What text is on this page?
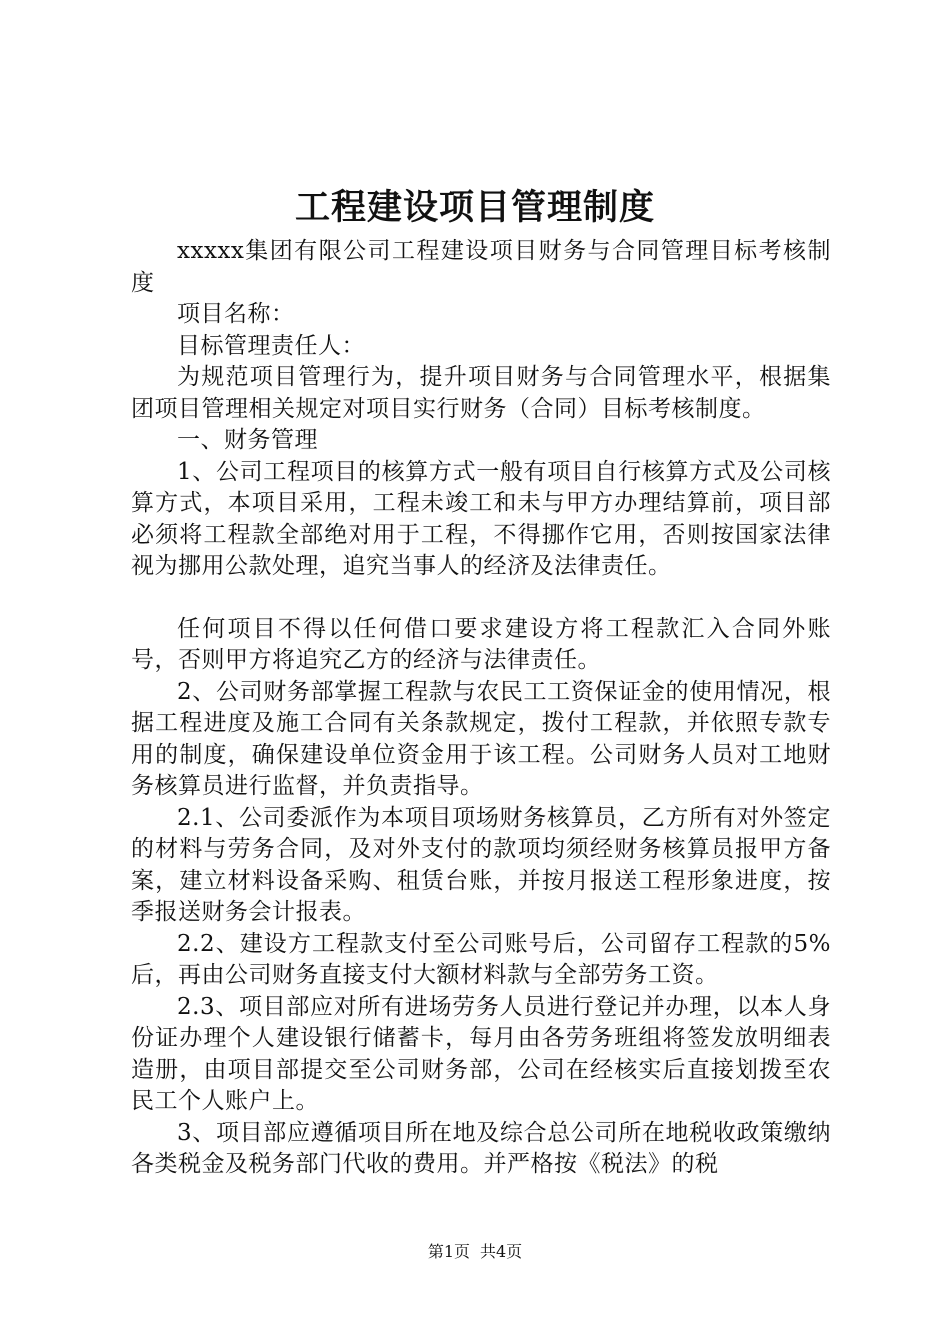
工程建设项目管理制度

xxxxx集团有限公司工程建设项目财务与合同管理目标考核制度

项目名称：

目标管理责任人：

为规范项目管理行为，提升项目财务与合同管理水平，根据集团项目管理相关规定对项目实行财务（合同）目标考核制度。

一、财务管理

1、公司工程项目的核算方式一般有项目自行核算方式及公司核算方式，本项目采用，工程未竣工和未与甲方办理结算前，项目部必须将工程款全部绝对用于工程，不得挪作它用，否则按国家法律视为挪用公款处理，追究当事人的经济及法律责任。

任何项目不得以任何借口要求建设方将工程款汇入合同外账号，否则甲方将追究乙方的经济与法律责任。

2、公司财务部掌握工程款与农民工工资保证金的使用情况，根据工程进度及施工合同有关条款规定，拨付工程款，并依照专款专用的制度，确保建设单位资金用于该工程。公司财务人员对工地财务核算员进行监督，并负责指导。

2.1、公司委派作为本项目项场财务核算员，乙方所有对外签定的材料与劳务合同，及对外支付的款项均须经财务核算员报甲方备案，建立材料设备采购、租赁台账，并按月报送工程形象进度，按季报送财务会计报表。

2.2、建设方工程款支付至公司账号后，公司留存工程款的5%后，再由公司财务直接支付大额材料款与全部劳务工资。

2.3、项目部应对所有进场劳务人员进行登记并办理，以本人身份证办理个人建设银行储蓄卡，每月由各劳务班组将签发放明细表造册，由项目部提交至公司财务部，公司在经核实后直接划拨至农民工个人账户上。

3、项目部应遵循项目所在地及综合总公司所在地税收政策缴纳各类税金及税务部门代收的费用。并严格按《税法》的税

第1页 共4页
